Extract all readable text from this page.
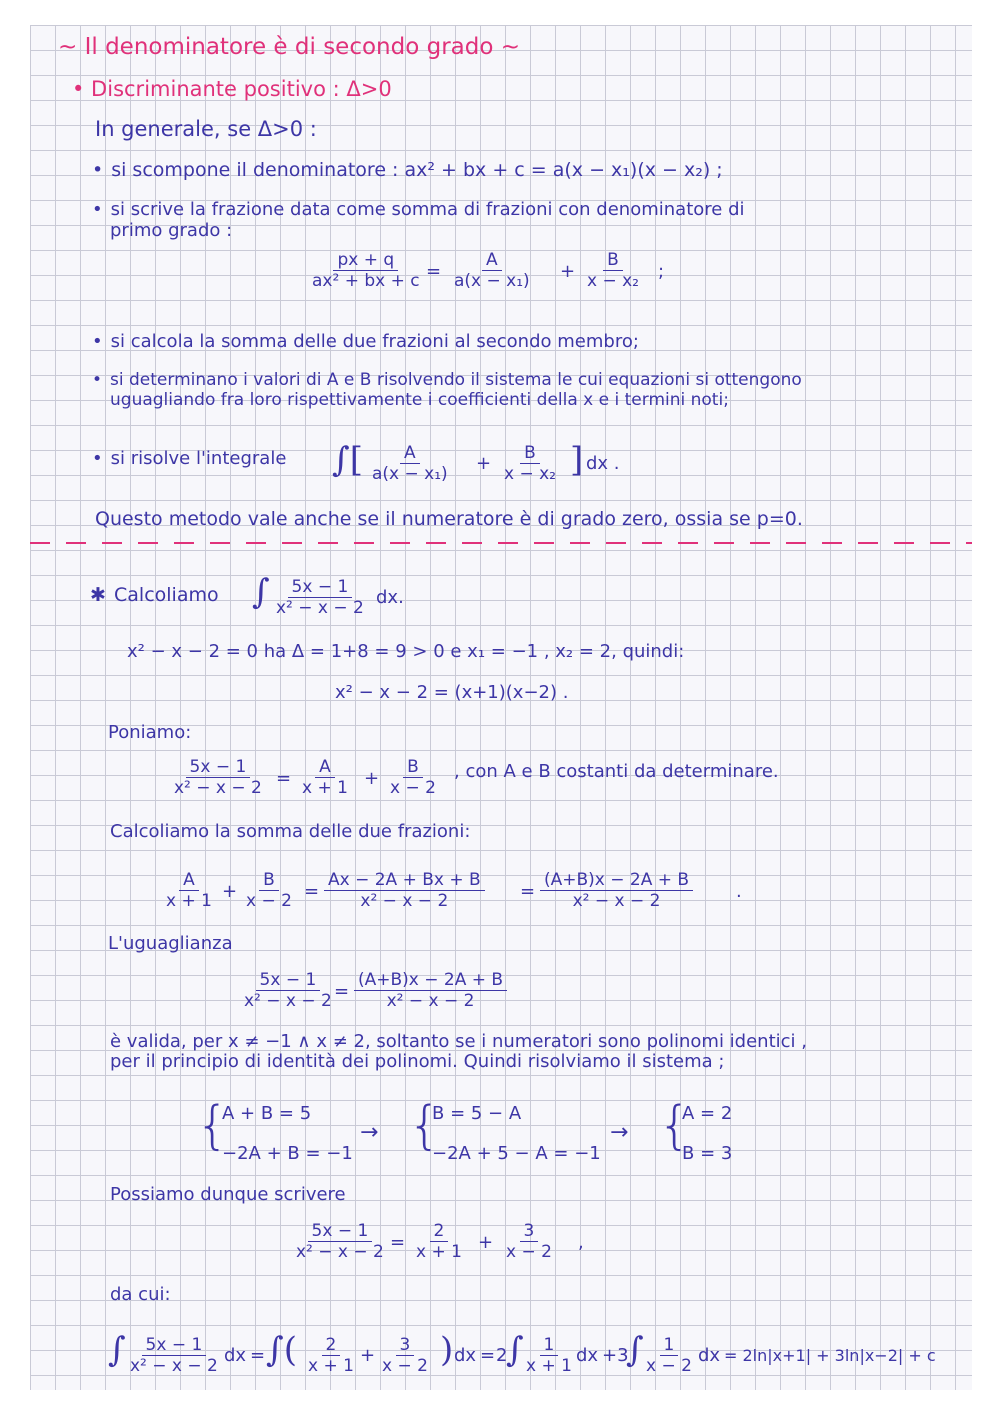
~ Il denominatore è di secondo grado ~
• Discriminante positivo : Δ>0
In generale, se Δ>0 :
• si scompone il denominatore : ax² + bx + c = a(x − x₁)(x − x₂) ;
• si scrive la frazione data come somma di frazioni con denominatore di
primo grado :
$\frac{px + q}{\text{ax² + bx + c}} = \frac{A}{\text{a(x − x₁)}} + \frac{B}{\text{x − x₂}}$ ;
• si calcola la somma delle due frazioni al secondo membro;
• si determinano i valori di A e B risolvendo il sistema le cui equazioni si ottengono
uguagliando fra loro rispettivamente i coefficienti della x e i termini noti;
• si risolve l'integrale ∫[ $\frac{A}{\text{a(x − x₁)}} + \frac{B}{\text{x − x₂}}$ ] dx .
Questo metodo vale anche se il numeratore è di grado zero, ossia se p=0.
✱ Calcoliamo ∫ $\frac{5x - 1}{\text{x² − x − 2}}$ dx.
x² − x − 2 = 0 ha Δ = 1+8 = 9 > 0 e x₁ = −1 , x₂ = 2, quindi:
x² − x − 2 = (x+1)(x−2) .
Poniamo:
$\frac{5x - 1}{\text{x² − x − 2}} = \frac{A}{x + 1} + \frac{B}{x - 2}$ , con A e B costanti da determinare.
Calcoliamo la somma delle due frazioni:
$\frac{A}{x + 1} + \frac{B}{x - 2} = \frac{Ax - 2A + Bx + B}{\text{x² − x − 2}} = \frac{(A+B)x - 2A + B}{\text{x² − x − 2}}$ .
L'uguaglianza
$\frac{5x - 1}{\text{x² − x − 2}}$
= $\frac{(A+B)x - 2A + B}{\text{x² − x − 2}}$
è valida, per x ≠ −1 ∧ x ≠ 2, soltanto se i numeratori sono polinomi identici ,
per il principio di identità dei polinomi. Quindi risolviamo il sistema ;
{
A + B = 5
−2A + B = −1
→ {
B = 5 − A
−2A + 5 − A = −1
→ {
A = 2
B = 3
Possiamo dunque scrivere
$\frac{5x - 1}{\text{x² − x − 2}} = \frac{2}{x + 1} + \frac{3}{x - 2}$ ,
da cui:
∫ $\frac{5x - 1}{\text{x² − x − 2}}$ dx = ∫( $\frac{2}{x + 1} + \frac{3}{x - 2}$ ) dx = 2
∫
$\frac{1}{x + 1}$ dx +3
∫
$\frac{1}{x - 2}$ dx = 2ln|x+1| + 3ln|x−2| + c
